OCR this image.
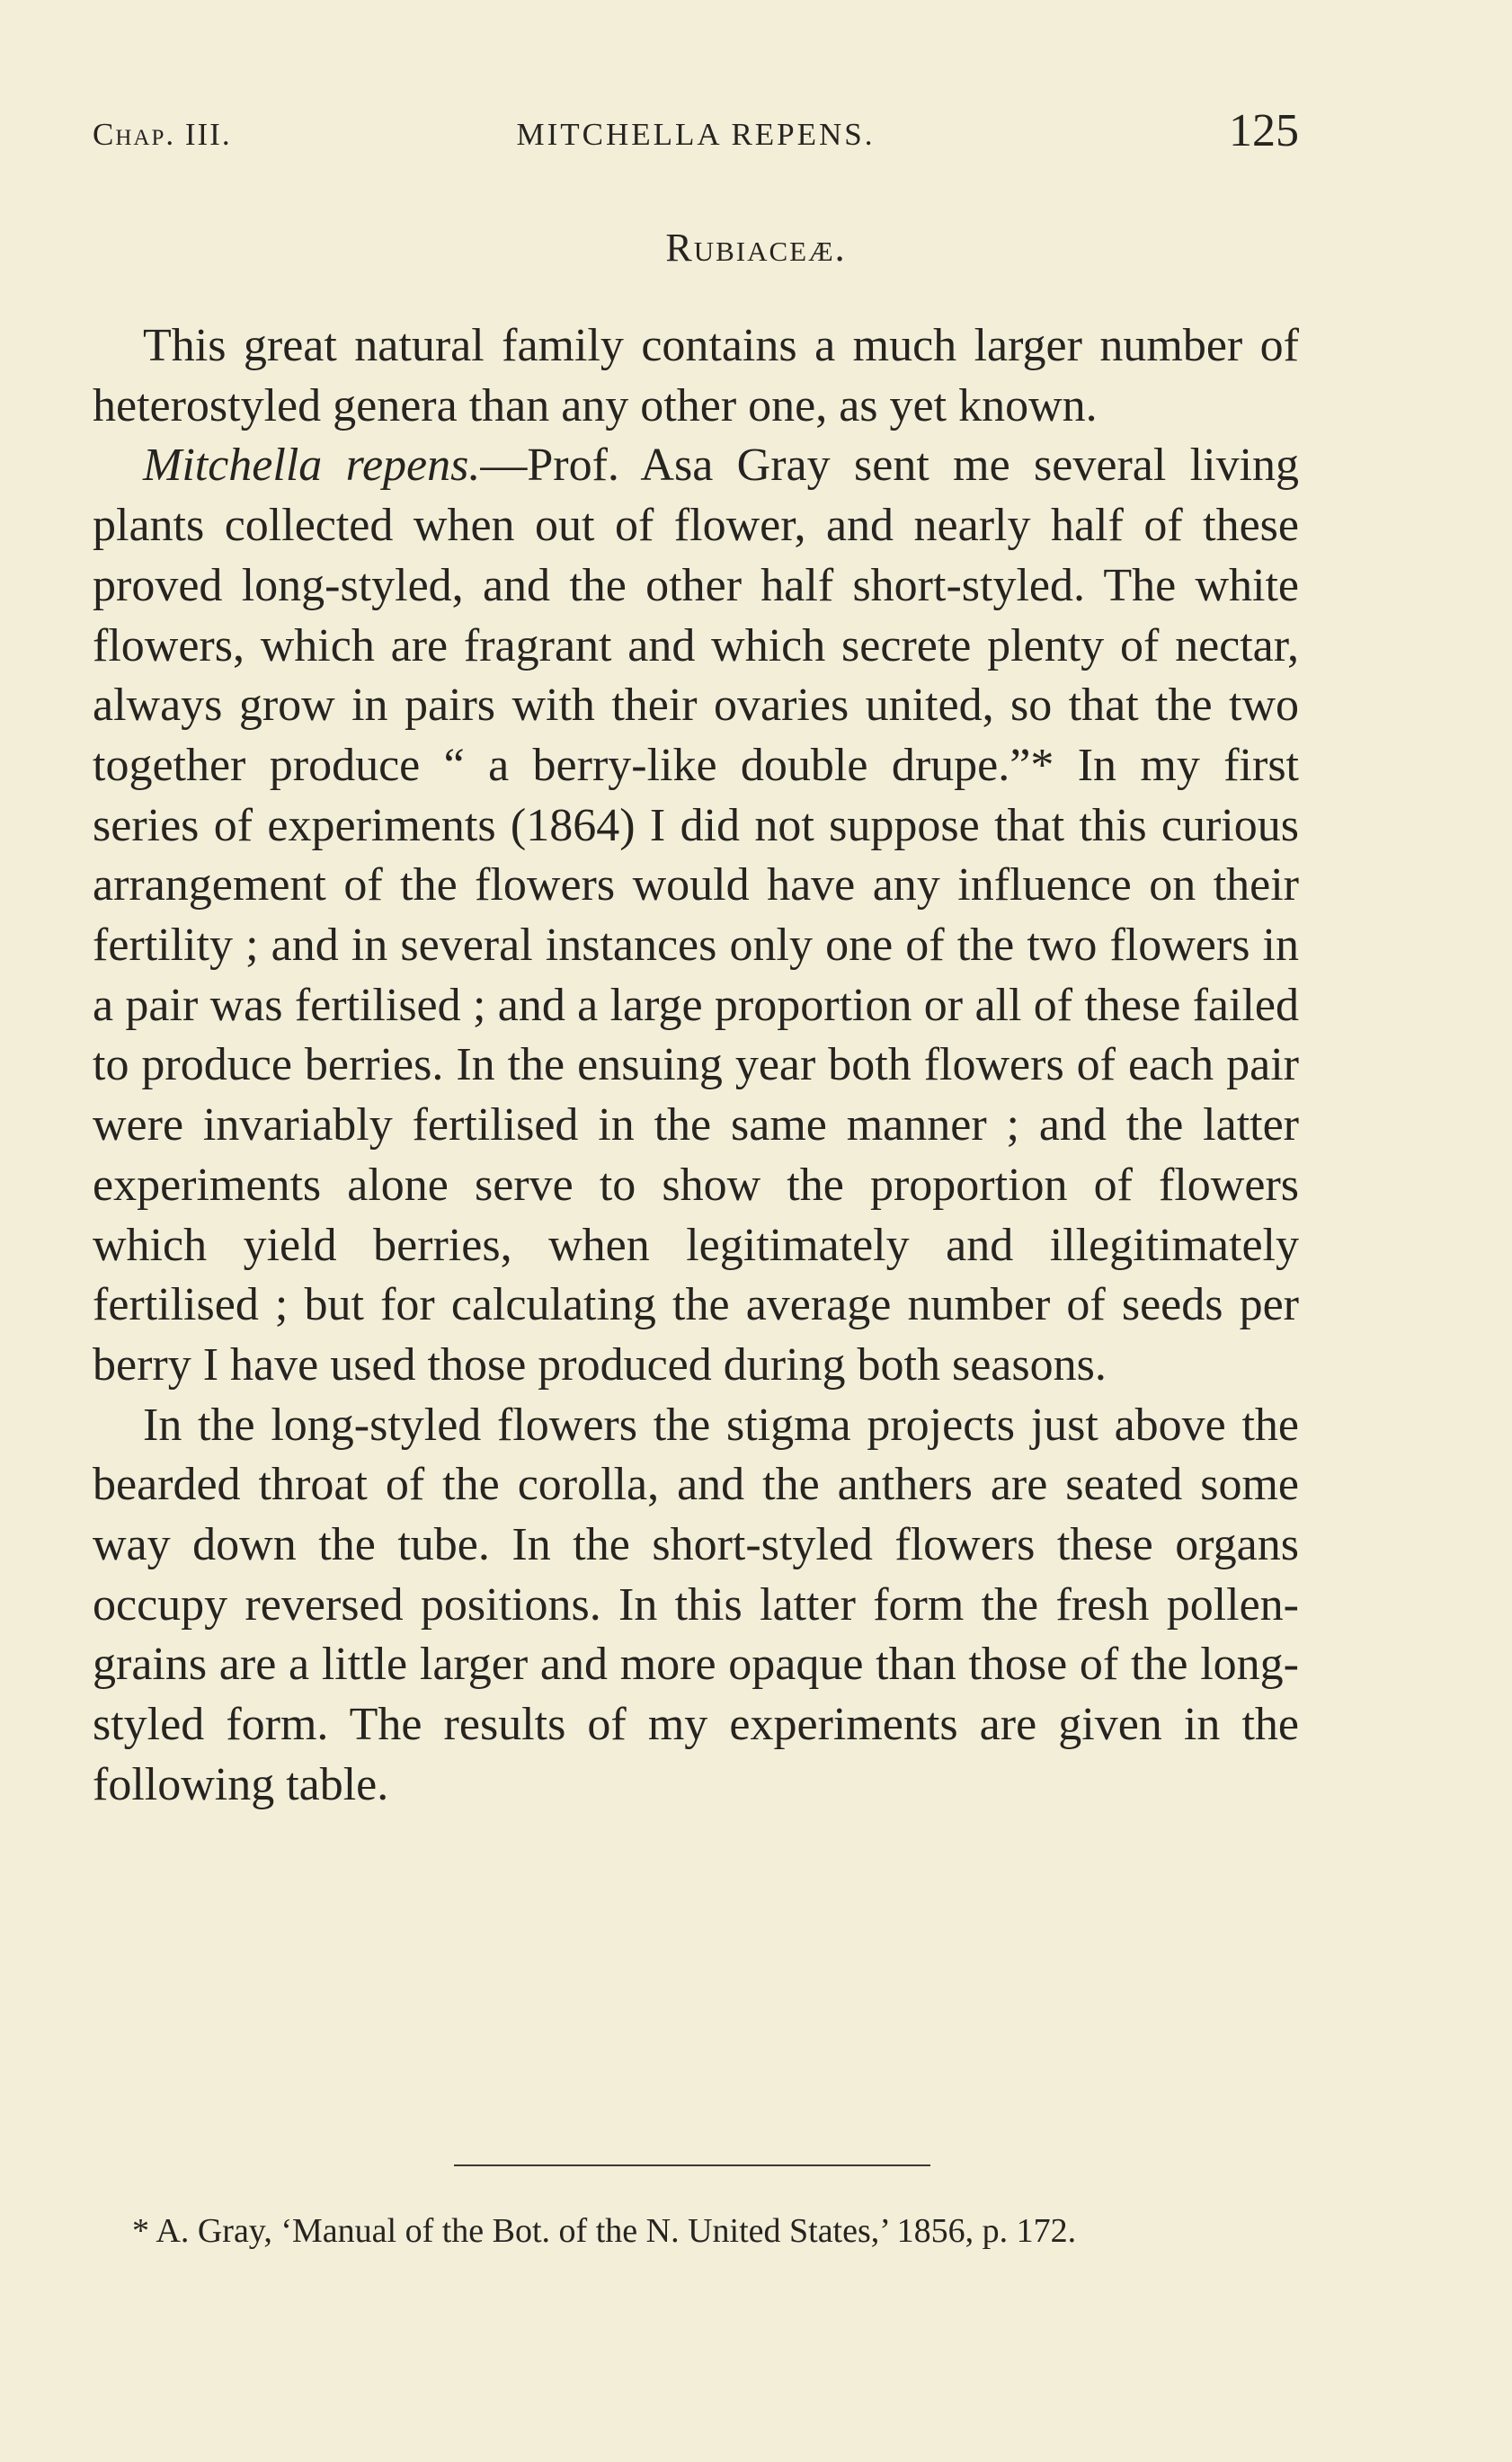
Chap. III.	MITCHELLA REPENS.	125
Rubiaceæ.

This great natural family contains a much larger number of heterostyled genera than any other one, as yet known.

Mitchella repens.—Prof. Asa Gray sent me several living plants collected when out of flower, and nearly half of these proved long-styled, and the other half short-styled. The white flowers, which are fragrant and which secrete plenty of nectar, always grow in pairs with their ovaries united, so that the two together produce “ a berry-like double drupe.”* In my first series of experiments (1864) I did not suppose that this curious arrangement of the flowers would have any influence on their fertility ; and in several instances only one of the two flowers in a pair was fertilised ; and a large proportion or all of these failed to produce berries. In the ensuing year both flowers of each pair were invariably fertilised in the same manner ; and the latter experiments alone serve to show the proportion of flowers which yield berries, when legitimately and illegitimately fertilised ; but for calculating the average number of seeds per berry I have used those produced during both seasons.

In the long-styled flowers the stigma projects just above the bearded throat of the corolla, and the anthers are seated some way down the tube. In the short-styled flowers these organs occupy reversed positions. In this latter form the fresh pollen-grains are a little larger and more opaque than those of the long-styled form. The results of my experiments are given in the following table.

* A. Gray, ‘Manual of the Bot. of the N. United States,’ 1856, p. 172.
